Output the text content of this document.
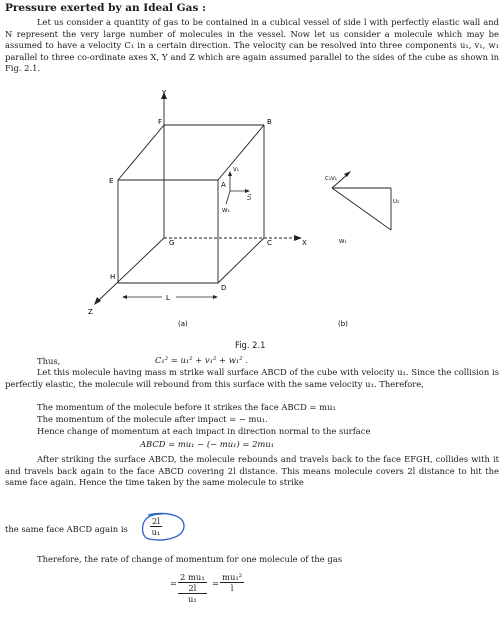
Pressure exerted by an Ideal Gas :

Let us consider a quantity of gas to be contained in a cubical vessel of side l with perfectly elastic wall and N represent the very large number of molecules in the vessel. Now let us consider a molecule which may be assumed to have a velocity C₁ in a certain direction. The velocity can be resolved into three components u₁, v₁, w₁ parallel to three co-ordinate axes X, Y and Z which are again assumed parallel to the sides of the cube as shown in Fig. 2.1.

Y
F	B
E	A
V₁
U₁
W₁
G	C	X
H
D
L
Z
(a)
C₁V₁
U₁
W₁
(b)
Fig. 2.1
Thus,	C₁² = u₁² + v₁² + w₁² .

Let this molecule having mass m strike wall surface ABCD of the cube with velocity u₁. Since the collision is perfectly elastic, the molecule will rebound from this surface with the same velocity u₁. Therefore,

The momentum of the molecule before it strikes the face ABCD = mu₁
The momentum of the molecule after impact = − mu₁.
Hence change of momentum at each impact in direction normal to the surface
ABCD = mu₁ − (− mu₁) = 2mu₁

After striking the surface ABCD, the molecule rebounds and travels back to the face EFGH, collides with it and travels back again to the face ABCD covering 2l distance. This means molecule covers 2l distance to hit the same face again. Hence the time taken by the same molecule to strike

the same face ABCD again is	$\frac{2l}{\text{u₁}}$
Therefore, the rate of change of momentum for one molecule of the gas
=
2 mu₁
2l
u₁
= $\frac{\text{mu₁²}}{l}$
